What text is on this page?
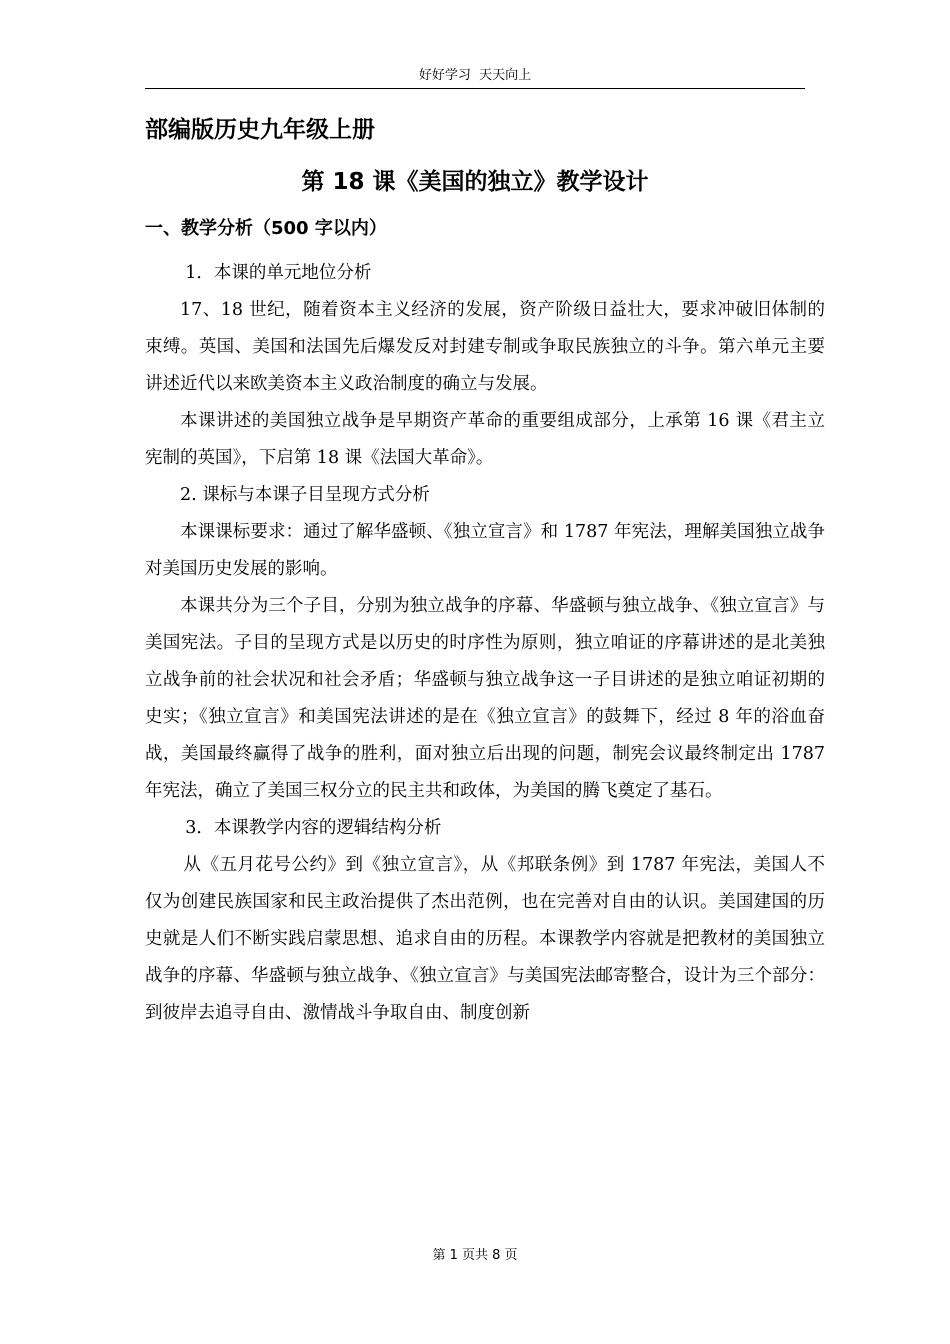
好好学习  天天向上
部编版历史九年级上册
第 18 课《美国的独立》教学设计
一、教学分析（500 字以内）

1．本课的单元地位分析

17、18 世纪，随着资本主义经济的发展，资产阶级日益壮大，要求冲破旧体制的束缚。英国、美国和法国先后爆发反对封建专制或争取民族独立的斗争。第六单元主要讲述近代以来欧美资本主义政治制度的确立与发展。

本课讲述的美国独立战争是早期资产革命的重要组成部分，上承第 16 课《君主立宪制的英国》，下启第 18 课《法国大革命》。

2. 课标与本课子目呈现方式分析

本课课标要求：通过了解华盛顿、《独立宣言》和 1787 年宪法，理解美国独立战争对美国历史发展的影响。

本课共分为三个子目，分别为独立战争的序幕、华盛顿与独立战争、《独立宣言》与美国宪法。子目的呈现方式是以历史的时序性为原则，独立咱证的序幕讲述的是北美独立战争前的社会状况和社会矛盾；华盛顿与独立战争这一子目讲述的是独立咱证初期的史实；《独立宣言》和美国宪法讲述的是在《独立宣言》的鼓舞下，经过 8 年的浴血奋战，美国最终赢得了战争的胜利，面对独立后出现的问题，制宪会议最终制定出 1787 年宪法，确立了美国三权分立的民主共和政体，为美国的腾飞奠定了基石。

3．本课教学内容的逻辑结构分析

从《五月花号公约》到《独立宣言》，从《邦联条例》到 1787 年宪法，美国人不仅为创建民族国家和民主政治提供了杰出范例，也在完善对自由的认识。美国建国的历史就是人们不断实践启蒙思想、追求自由的历程。本课教学内容就是把教材的美国独立战争的序幕、华盛顿与独立战争、《独立宣言》与美国宪法邮寄整合，设计为三个部分：到彼岸去追寻自由、激情战斗争取自由、制度创新

第 1 页共 8 页
